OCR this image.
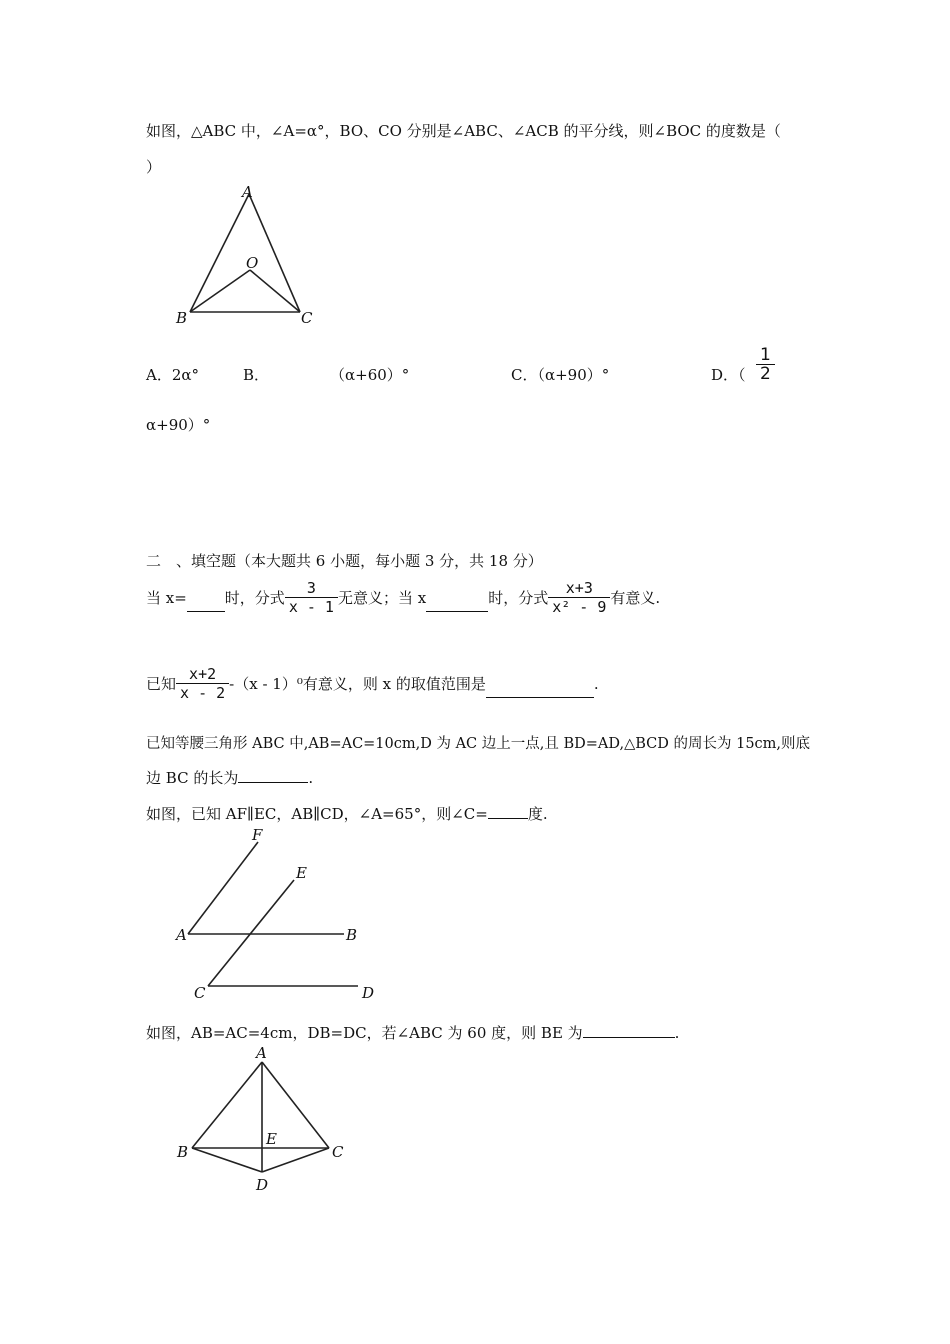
如图，△ABC 中，∠A=α°，BO、CO 分别是∠ABC、∠ACB 的平分线，则∠BOC 的度数是（
）
A
O
B	C
A．2α°	B．	（α+60）°	C．（α+90）°	D．（ $\frac{1}{2}$
α+90）°
二　、填空题（本大题共 6 小题，每小题 3 分，共 18 分）
当 x=	时，分式 $\frac{3}{x - 1}$ 无意义；当 x	时，分式 $\frac{x+3}{\text{x² - 9}}$ 有意义.
已知 $\frac{x+2}{x - 2} -(x - 1)^0$有意义，则 x 的取值范围是	.
已知等腰三角形 ABC 中,AB=AC=10cm,D 为 AC 边上一点,且 BD=AD,△BCD 的周长为 15cm,则底
边 BC 的长为	.
如图，已知 AF∥EC，AB∥CD，∠A=65°，则∠C=	度.
F
E
A	B
C	D
如图，AB=AC=4cm，DB=DC，若∠ABC 为 60 度，则 BE 为	.
A
E
B	C
D
